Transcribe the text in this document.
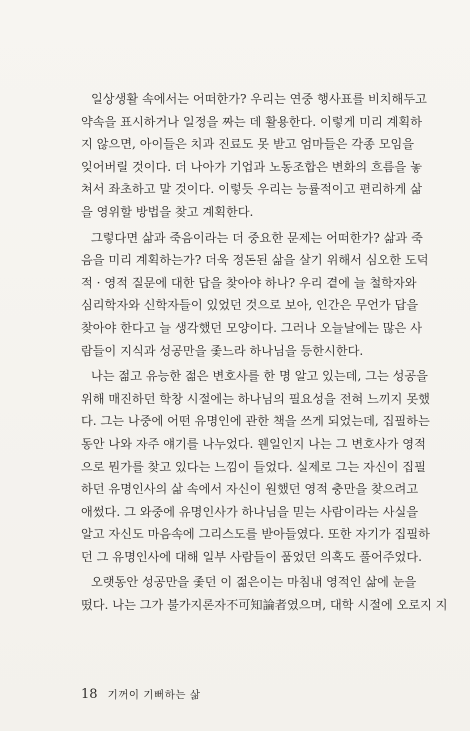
일상생활 속에서는 어떠한가? 우리는 연중 행사표를 비치해두고
약속을 표시하거나 일정을 짜는 데 활용한다. 이렇게 미리 계획하
지 않으면, 아이들은 치과 진료도 못 받고 엄마들은 각종 모임을
잊어버릴 것이다. 더 나아가 기업과 노동조합은 변화의 흐름을 놓
쳐서 좌초하고 말 것이다. 이렇듯 우리는 능률적이고 편리하게 삶
을 영위할 방법을 찾고 계획한다.
그렇다면 삶과 죽음이라는 더 중요한 문제는 어떠한가? 삶과 죽
음을 미리 계획하는가? 더욱 정돈된 삶을 살기 위해서 심오한 도덕
적 · 영적 질문에 대한 답을 찾아야 하나? 우리 곁에 늘 철학자와
심리학자와 신학자들이 있었던 것으로 보아, 인간은 무언가 답을
찾아야 한다고 늘 생각했던 모양이다. 그러나 오늘날에는 많은 사
람들이 지식과 성공만을 좇느라 하나님을 등한시한다.
나는 젊고 유능한 젊은 변호사를 한 명 알고 있는데, 그는 성공을
위해 매진하던 학창 시절에는 하나님의 필요성을 전혀 느끼지 못했
다. 그는 나중에 어떤 유명인에 관한 책을 쓰게 되었는데, 집필하는
동안 나와 자주 얘기를 나누었다. 웬일인지 나는 그 변호사가 영적
으로 뭔가를 찾고 있다는 느낌이 들었다. 실제로 그는 자신이 집필
하던 유명인사의 삶 속에서 자신이 원했던 영적 충만을 찾으려고
애썼다. 그 와중에 유명인사가 하나님을 믿는 사람이라는 사실을
알고 자신도 마음속에 그리스도를 받아들였다. 또한 자기가 집필하
던 그 유명인사에 대해 일부 사람들이 품었던 의혹도 풀어주었다.
오랫동안 성공만을 좇던 이 젊은이는 마침내 영적인 삶에 눈을
떴다. 나는 그가 불가지론자不可知論者였으며, 대학 시절에 오로지 지
18 기꺼이 기뻐하는 삶
